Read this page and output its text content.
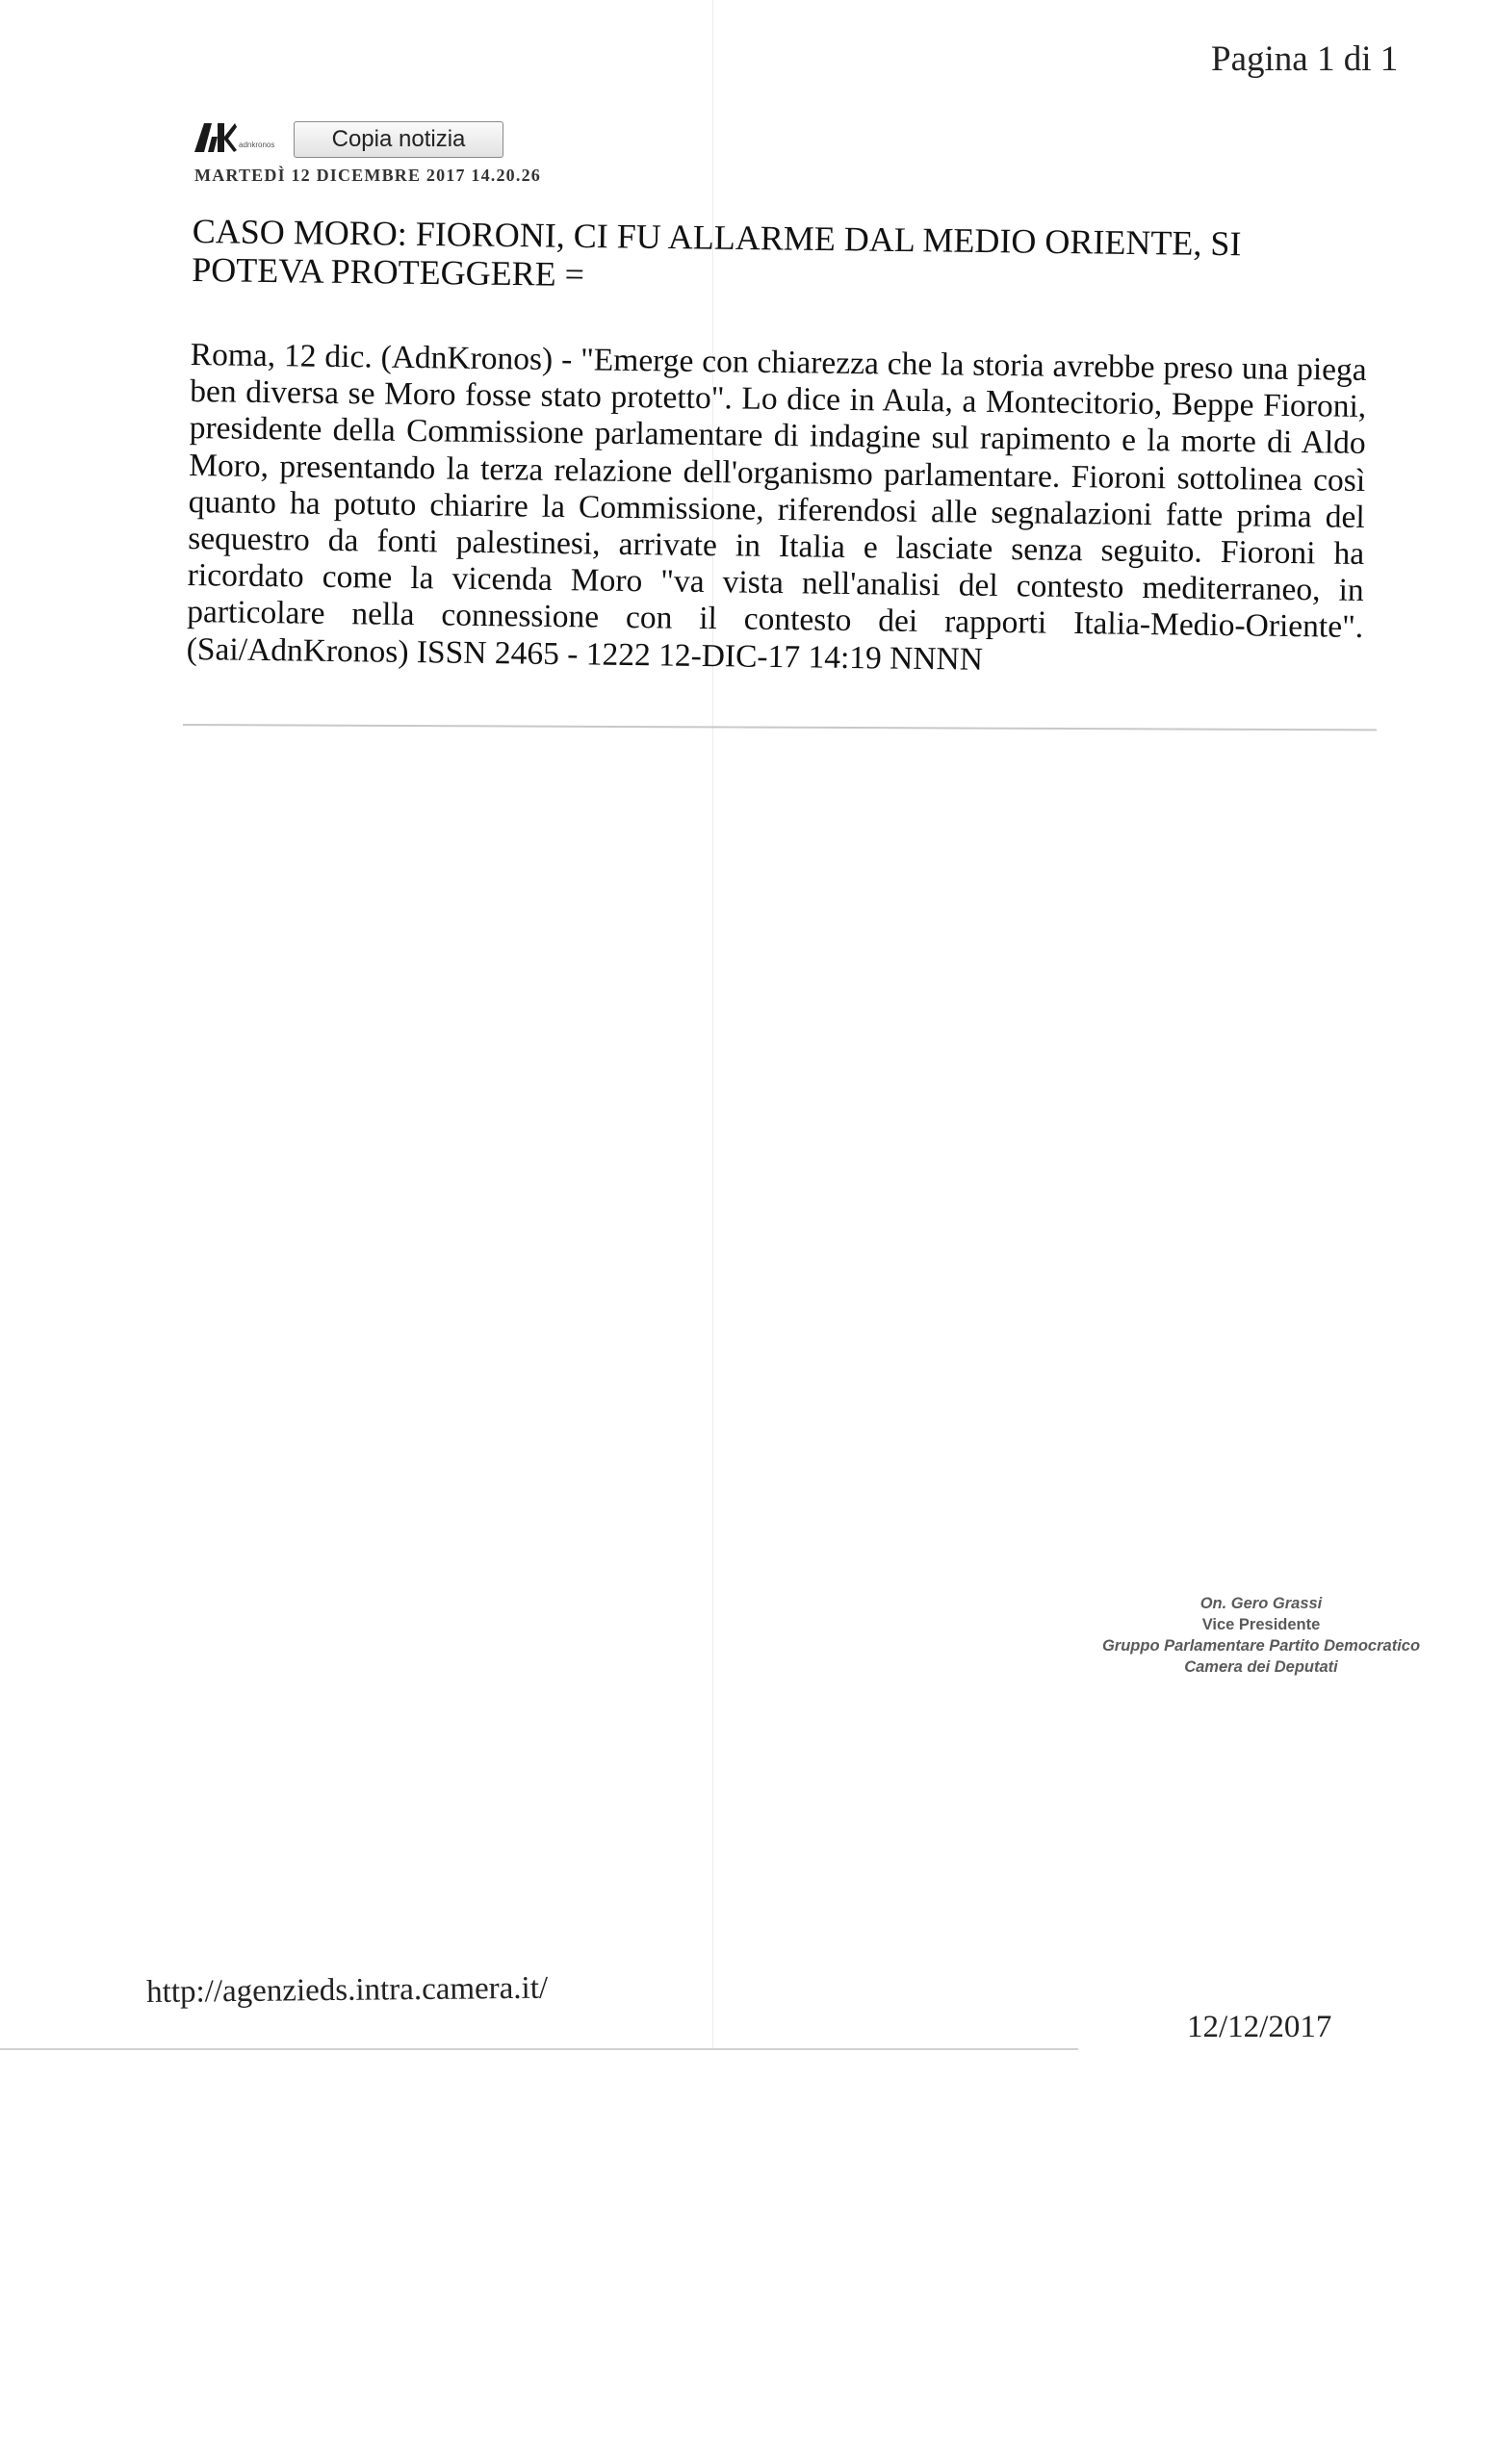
Pagina 1 di 1
adnkronos	Copia notizia
MARTEDÌ 12 DICEMBRE 2017 14.20.26
CASO MORO: FIORONI, CI FU ALLARME DAL MEDIO ORIENTE, SI POTEVA PROTEGGERE =

Roma, 12 dic. (AdnKronos) - "Emerge con chiarezza che la storia avrebbe preso una piega ben diversa se Moro fosse stato protetto". Lo dice in Aula, a Montecitorio, Beppe Fioroni, presidente della Commissione parlamentare di indagine sul rapimento e la morte di Aldo Moro, presentando la terza relazione dell'organismo parlamentare. Fioroni sottolinea così quanto ha potuto chiarire la Commissione, riferendosi alle segnalazioni fatte prima del sequestro da fonti palestinesi, arrivate in Italia e lasciate senza seguito. Fioroni ha ricordato come la vicenda Moro "va vista nell'analisi del contesto mediterraneo, in particolare nella connessione con il contesto dei rapporti Italia-Medio-Oriente". (Sai/AdnKronos) ISSN 2465 - 1222 12-DIC-17 14:19 NNNN

On. Gero Grassi
Vice Presidente
Gruppo Parlamentare Partito Democratico
Camera dei Deputati
http://agenzieds.intra.camera.it/
12/12/2017
